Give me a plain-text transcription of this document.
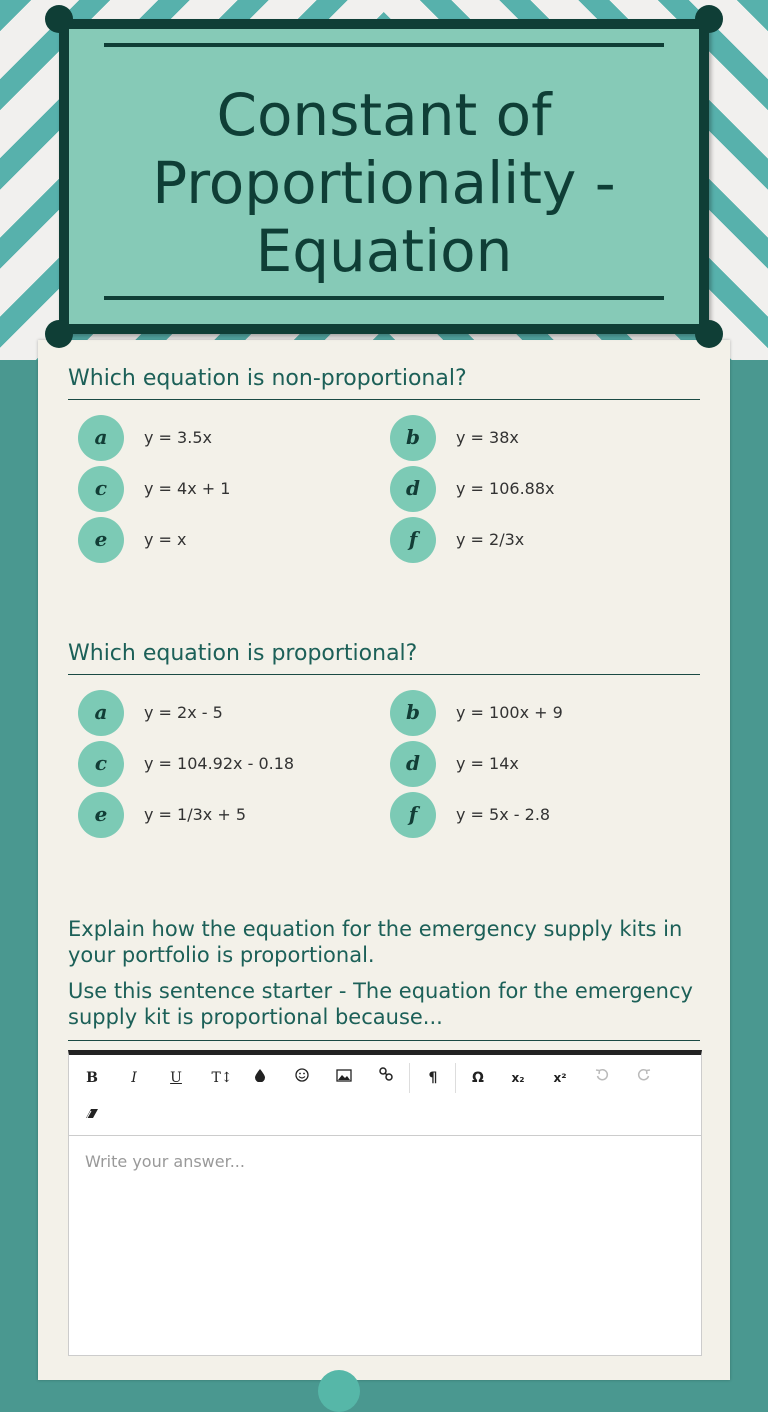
Constant of Proportionality - Equation
Which equation is non-proportional?
a	y = 3.5x	b	y = 38x
c	y = 4x + 1	d	y = 106.88x
e	y = x	f	y = 2/3x
Which equation is proportional?
a	y = 2x - 5	b	y = 100x + 9
c	y = 104.92x - 0.18	d	y = 14x
e	y = 1/3x + 5	f	y = 5x - 2.8
Explain how the equation for the emergency supply kits in your portfolio is proportional.
Use this sentence starter - The equation for the emergency supply kit is proportional because...
B	I	U	T↕	¶	Ω	x₂	x²
Write your answer...
